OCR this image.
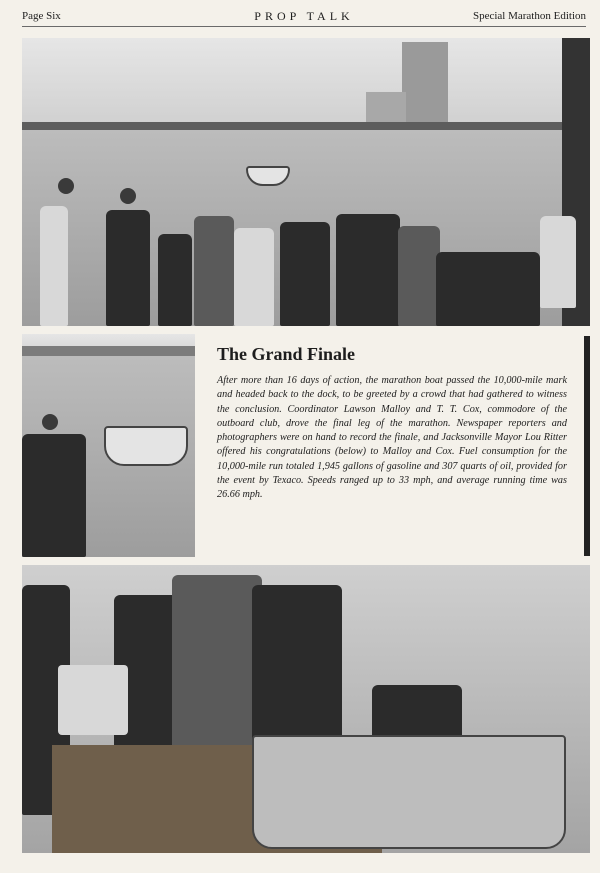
Page Six	PROP TALK	Special Marathon Edition
The Grand Finale
After more than 16 days of action, the marathon boat passed the 10,000-mile mark and headed back to the dock, to be greeted by a crowd that had gathered to witness the conclusion. Coordinator Lawson Malloy and T. T. Cox, commodore of the outboard club, drove the final leg of the marathon. Newspaper reporters and photographers were on hand to record the finale, and Jacksonville Mayor Lou Ritter offered his congratulations (below) to Malloy and Cox. Fuel consumption for the 10,000-mile run totaled 1,945 gallons of gasoline and 307 quarts of oil, provided for the event by Texaco. Speeds ranged up to 33 mph, and average running time was 26.66 mph.
